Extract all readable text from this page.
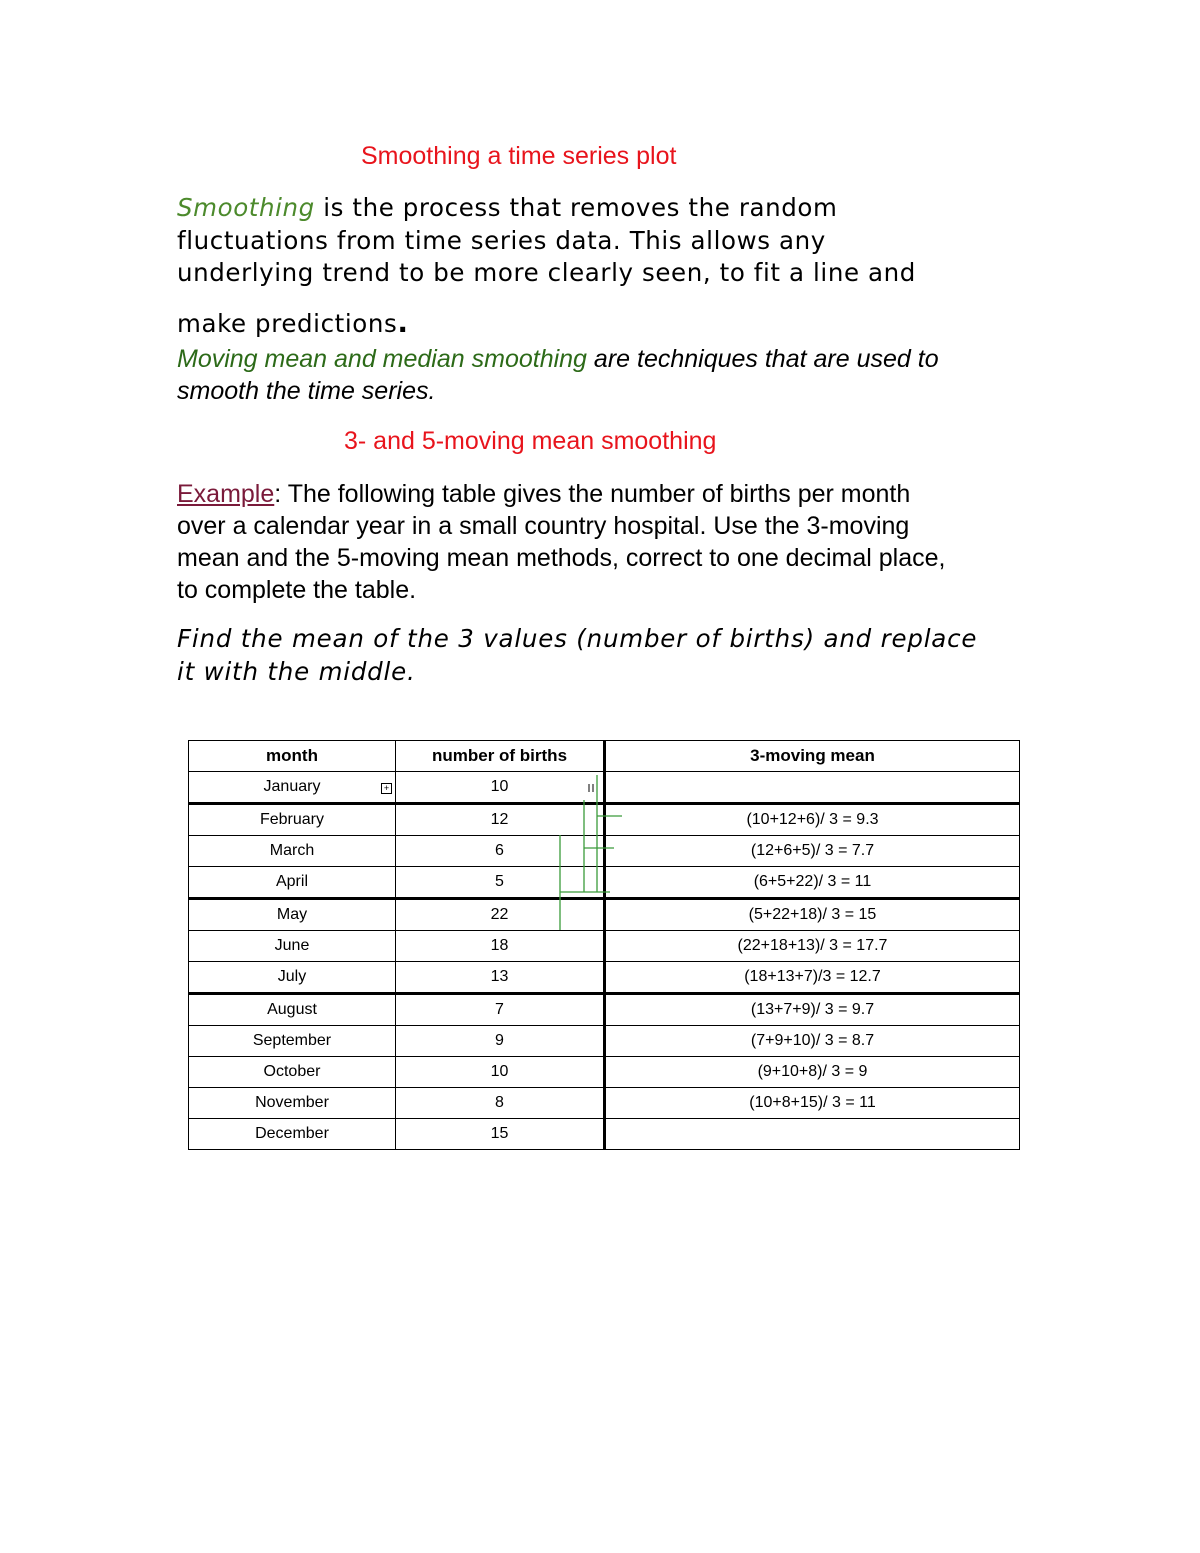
Smoothing a time series plot
Smoothing is the process that removes the random
fluctuations from time series data. This allows any
underlying trend to be more clearly seen, to fit a line and
make predictions.
Moving mean and median smoothing are techniques that are used to
smooth the time series.
3- and 5-moving mean smoothing
Example: The following table gives the number of births per month
over a calendar year in a small country hospital. Use the 3-moving
mean and the 5-moving mean methods, correct to one decimal place,
to complete the table.
Find the mean of the 3 values (number of births) and replace
it with the middle.
month	number of births	3-moving mean
January	10	
February	12	(10+12+6)/ 3 = 9.3
March	6	(12+6+5)/ 3 = 7.7
April	5	(6+5+22)/ 3 = 11
May	22	(5+22+18)/ 3 = 15
June	18	(22+18+13)/ 3 = 17.7
July	13	(18+13+7)/3 = 12.7
August	7	(13+7+9)/ 3 = 9.7
September	9	(7+9+10)/ 3 = 8.7
October	10	(9+10+8)/ 3 = 9
November	8	(10+8+15)/ 3 = 11
December	15	
+
